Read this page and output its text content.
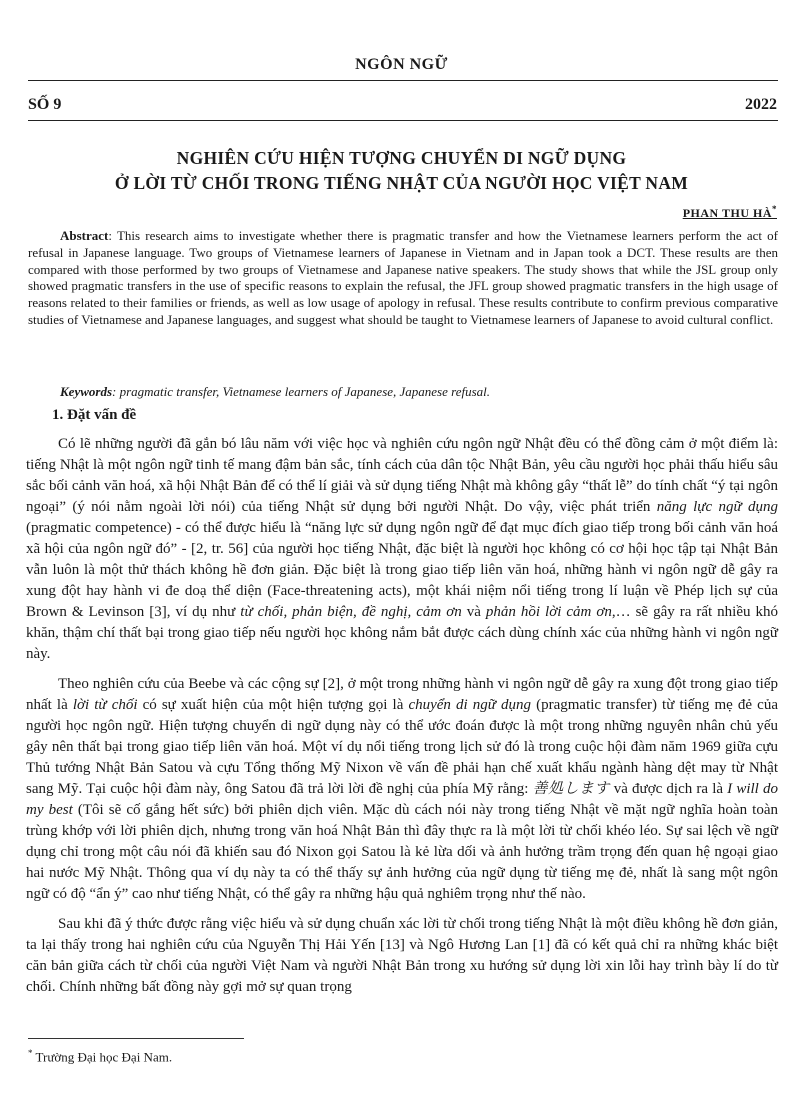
NGÔN NGỮ
SỐ 9	2022
NGHIÊN CỨU HIỆN TƯỢNG CHUYỂN DI NGỮ DỤNG
Ở LỜI TỪ CHỐI TRONG TIẾNG NHẬT CỦA NGƯỜI HỌC VIỆT NAM
PHAN THU HÀ*
Abstract: This research aims to investigate whether there is pragmatic transfer and how the Vietnamese learners perform the act of refusal in Japanese language. Two groups of Vietnamese learners of Japanese in Vietnam and in Japan took a DCT. These results are then compared with those performed by two groups of Vietnamese and Japanese native speakers. The study shows that while the JSL group only showed pragmatic transfers in the use of specific reasons to explain the refusal, the JFL group showed pragmatic transfers in the high usage of reasons related to their families or friends, as well as low usage of apology in refusal. These results contribute to confirm previous comparative studies of Vietnamese and Japanese languages, and suggest what should be taught to Vietnamese learners of Japanese to avoid cultural conflict.
Keywords: pragmatic transfer, Vietnamese learners of Japanese, Japanese refusal.
1. Đặt vấn đề

Có lẽ những người đã gắn bó lâu năm với việc học và nghiên cứu ngôn ngữ Nhật đều có thể đồng cảm ở một điểm là: tiếng Nhật là một ngôn ngữ tinh tế mang đậm bản sắc, tính cách của dân tộc Nhật Bản, yêu cầu người học phải thấu hiểu sâu sắc bối cảnh văn hoá, xã hội Nhật Bản để có thể lí giải và sử dụng tiếng Nhật mà không gây “thất lễ” do tính chất “ý tại ngôn ngoại” (ý nói nằm ngoài lời nói) của tiếng Nhật sử dụng bởi người Nhật. Do vậy, việc phát triển năng lực ngữ dụng (pragmatic competence) - có thể được hiểu là “năng lực sử dụng ngôn ngữ để đạt mục đích giao tiếp trong bối cảnh văn hoá xã hội của ngôn ngữ đó” - [2, tr. 56] của người học tiếng Nhật, đặc biệt là người học không có cơ hội học tập tại Nhật Bản vẫn luôn là một thử thách không hề đơn giản. Đặc biệt là trong giao tiếp liên văn hoá, những hành vi ngôn ngữ dễ gây ra xung đột hay hành vi đe doạ thể diện (Face-threatening acts), một khái niệm nổi tiếng trong lí luận về Phép lịch sự của Brown & Levinson [3], ví dụ như từ chối, phản biện, đề nghị, cảm ơn và phản hồi lời cảm ơn,… sẽ gây ra rất nhiều khó khăn, thậm chí thất bại trong giao tiếp nếu người học không nắm bắt được cách dùng chính xác của những hành vi ngôn ngữ này.

Theo nghiên cứu của Beebe và các cộng sự [2], ở một trong những hành vi ngôn ngữ dễ gây ra xung đột trong giao tiếp nhất là lời từ chối có sự xuất hiện của một hiện tượng gọi là chuyển di ngữ dụng (pragmatic transfer) từ tiếng mẹ đẻ của người học ngôn ngữ. Hiện tượng chuyển di ngữ dụng này có thể ước đoán được là một trong những nguyên nhân chủ yếu gây nên thất bại trong giao tiếp liên văn hoá. Một ví dụ nổi tiếng trong lịch sử đó là trong cuộc hội đàm năm 1969 giữa cựu Thủ tướng Nhật Bản Satou và cựu Tổng thống Mỹ Nixon về vấn đề phải hạn chế xuất khẩu ngành hàng dệt may từ Nhật sang Mỹ. Tại cuộc hội đàm này, ông Satou đã trả lời lời đề nghị của phía Mỹ rằng: 善処します và được dịch ra là I will do my best (Tôi sẽ cố gắng hết sức) bởi phiên dịch viên. Mặc dù cách nói này trong tiếng Nhật về mặt ngữ nghĩa hoàn toàn trùng khớp với lời phiên dịch, nhưng trong văn hoá Nhật Bản thì đây thực ra là một lời từ chối khéo léo. Sự sai lệch về ngữ dụng chỉ trong một câu nói đã khiến sau đó Nixon gọi Satou là kẻ lừa dối và ảnh hưởng trầm trọng đến quan hệ ngoại giao hai nước Mỹ Nhật. Thông qua ví dụ này ta có thể thấy sự ảnh hưởng của ngữ dụng từ tiếng mẹ đẻ, nhất là sang một ngôn ngữ có độ “ẩn ý” cao như tiếng Nhật, có thể gây ra những hậu quả nghiêm trọng như thế nào.

Sau khi đã ý thức được rằng việc hiểu và sử dụng chuẩn xác lời từ chối trong tiếng Nhật là một điều không hề đơn giản, ta lại thấy trong hai nghiên cứu của Nguyễn Thị Hải Yến [13] và Ngô Hương Lan [1] đã có kết quả chỉ ra những khác biệt căn bản giữa cách từ chối của người Việt Nam và người Nhật Bản trong xu hướng sử dụng lời xin lỗi hay trình bày lí do từ chối. Chính những bất đồng này gợi mở sự quan trọng

* Trường Đại học Đại Nam.
